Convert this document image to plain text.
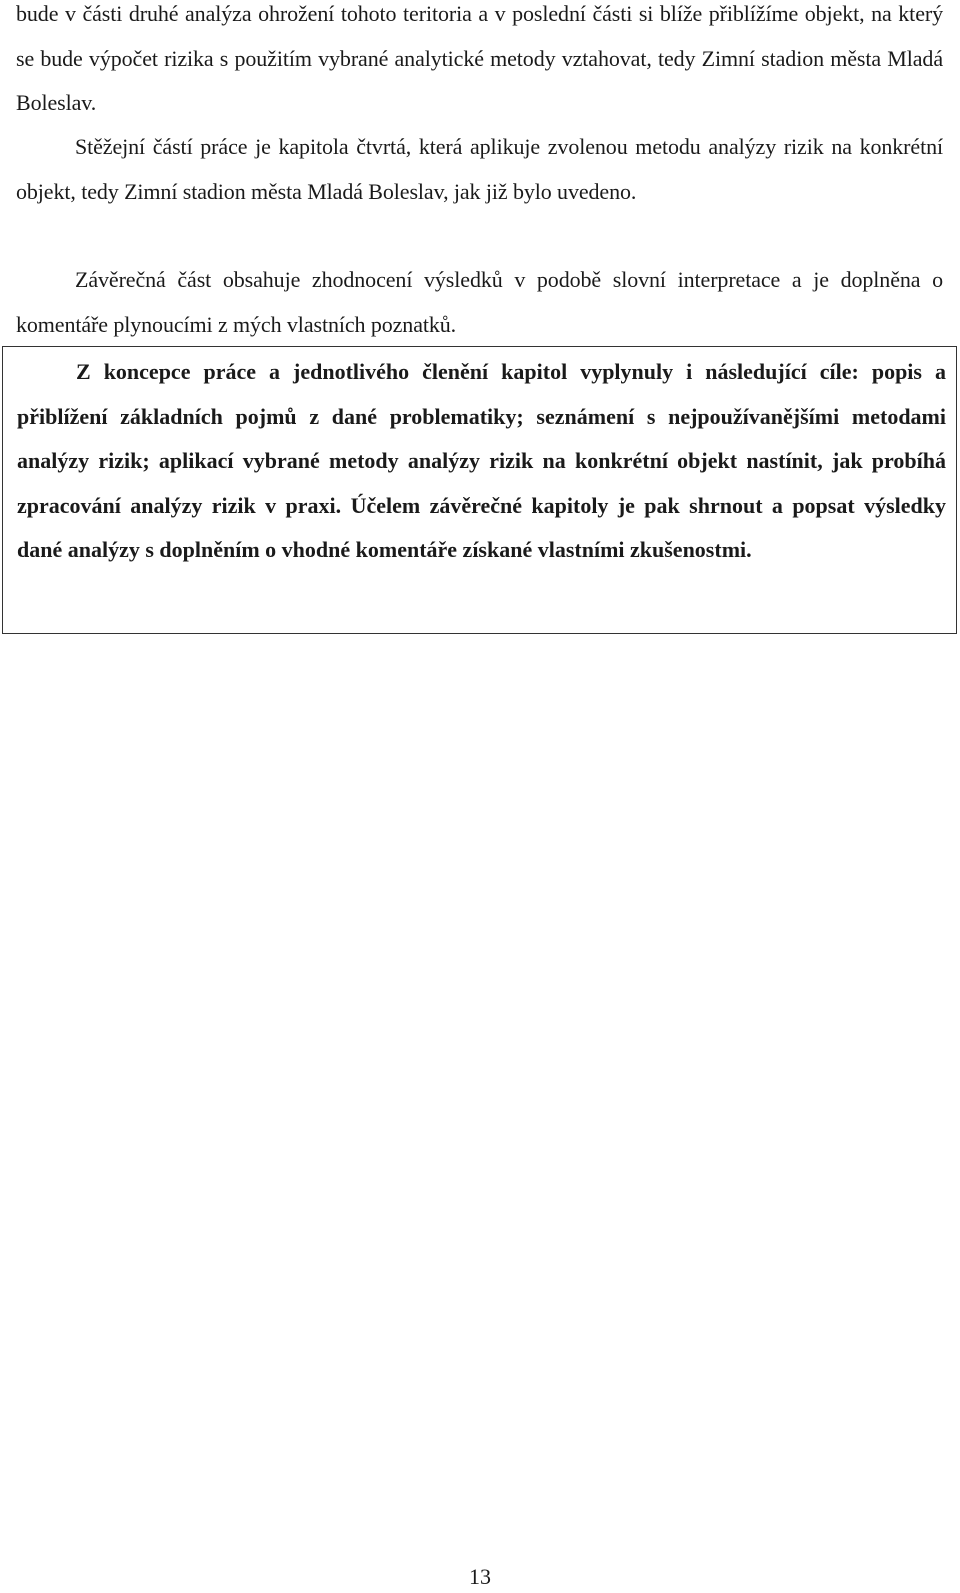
bude v části druhé analýza ohrožení tohoto teritoria a v poslední části si blíže přiblížíme objekt, na který se bude výpočet rizika s použitím vybrané analytické metody vztahovat, tedy Zimní stadion města Mladá Boleslav.

Stěžejní částí práce je kapitola čtvrtá, která aplikuje zvolenou metodu analýzy rizik na konkrétní objekt, tedy Zimní stadion města Mladá Boleslav, jak již bylo uvedeno.

Závěrečná část obsahuje zhodnocení výsledků v podobě slovní interpretace a je doplněna o komentáře plynoucími z mých vlastních poznatků.

Z koncepce práce a jednotlivého členění kapitol vyplynuly i následující cíle: popis a přiblížení základních pojmů z dané problematiky; seznámení s nejpoužívanějšími metodami analýzy rizik; aplikací vybrané metody analýzy rizik na konkrétní objekt nastínit, jak probíhá zpracování analýzy rizik v praxi. Účelem závěrečné kapitoly je pak shrnout a popsat výsledky dané analýzy s doplněním o vhodné komentáře získané vlastními zkušenostmi.

13
